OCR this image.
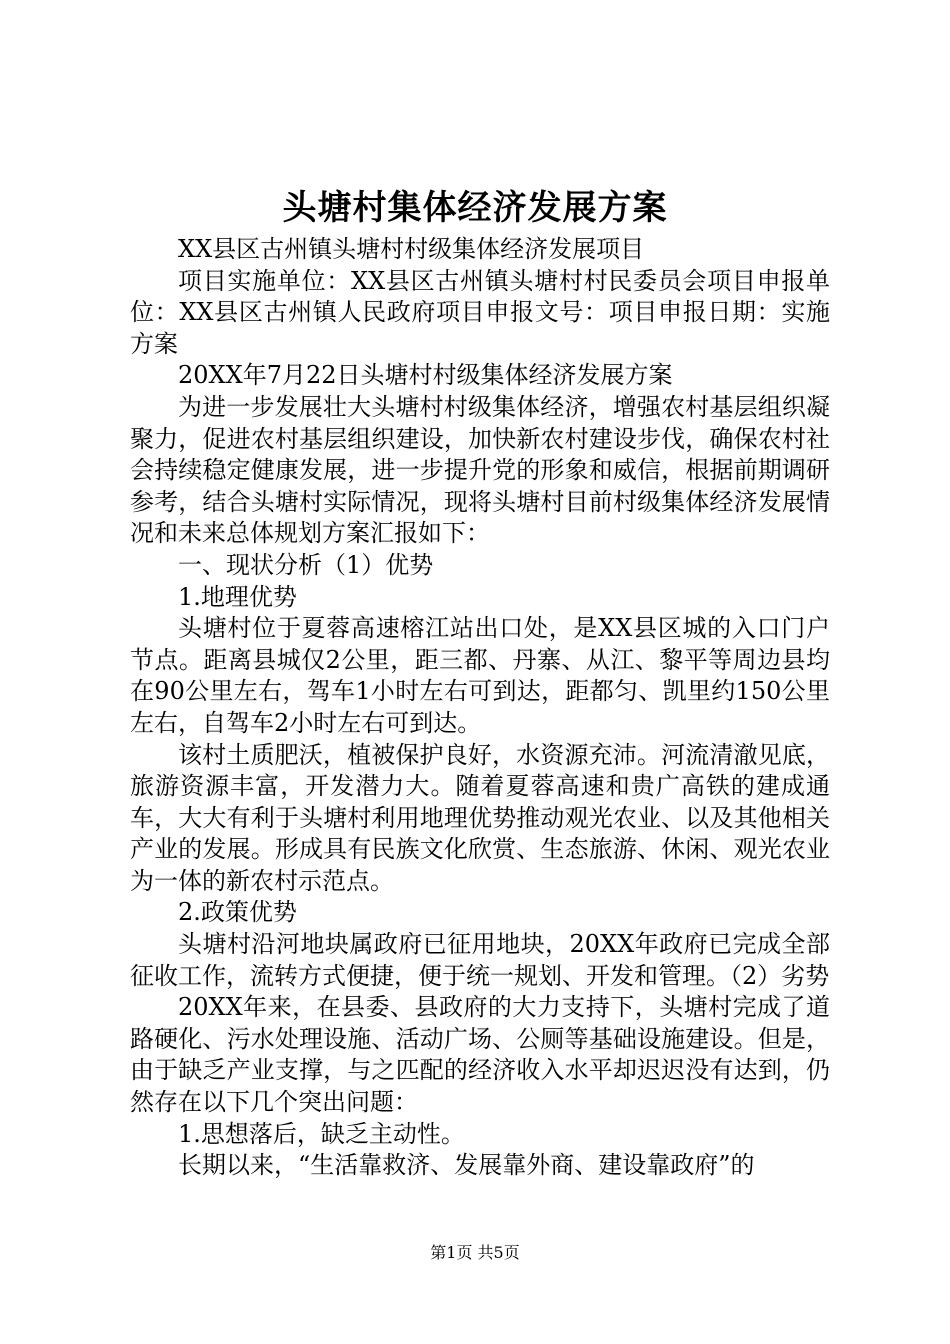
头塘村集体经济发展方案

XX县区古州镇头塘村村级集体经济发展项目

项目实施单位：XX县区古州镇头塘村村民委员会项目申报单位：XX县区古州镇人民政府项目申报文号：项目申报日期：实施方案

20XX年7月22日头塘村村级集体经济发展方案

为进一步发展壮大头塘村村级集体经济，增强农村基层组织凝聚力，促进农村基层组织建设，加快新农村建设步伐，确保农村社会持续稳定健康发展，进一步提升党的形象和威信，根据前期调研参考，结合头塘村实际情况，现将头塘村目前村级集体经济发展情况和未来总体规划方案汇报如下：

一、现状分析（1）优势

1.地理优势

头塘村位于夏蓉高速榕江站出口处，是XX县区城的入口门户节点。距离县城仅2公里，距三都、丹寨、从江、黎平等周边县均在90公里左右，驾车1小时左右可到达，距都匀、凯里约150公里左右，自驾车2小时左右可到达。

该村土质肥沃，植被保护良好，水资源充沛。河流清澈见底，旅游资源丰富，开发潜力大。随着夏蓉高速和贵广高铁的建成通车，大大有利于头塘村利用地理优势推动观光农业、以及其他相关产业的发展。形成具有民族文化欣赏、生态旅游、休闲、观光农业为一体的新农村示范点。

2.政策优势

头塘村沿河地块属政府已征用地块，20XX年政府已完成全部征收工作，流转方式便捷，便于统一规划、开发和管理。（2）劣势

20XX年来，在县委、县政府的大力支持下，头塘村完成了道路硬化、污水处理设施、活动广场、公厕等基础设施建设。但是，由于缺乏产业支撑，与之匹配的经济收入水平却迟迟没有达到，仍然存在以下几个突出问题：

1.思想落后，缺乏主动性。

长期以来，“生活靠救济、发展靠外商、建设靠政府”的

第1页 共5页
